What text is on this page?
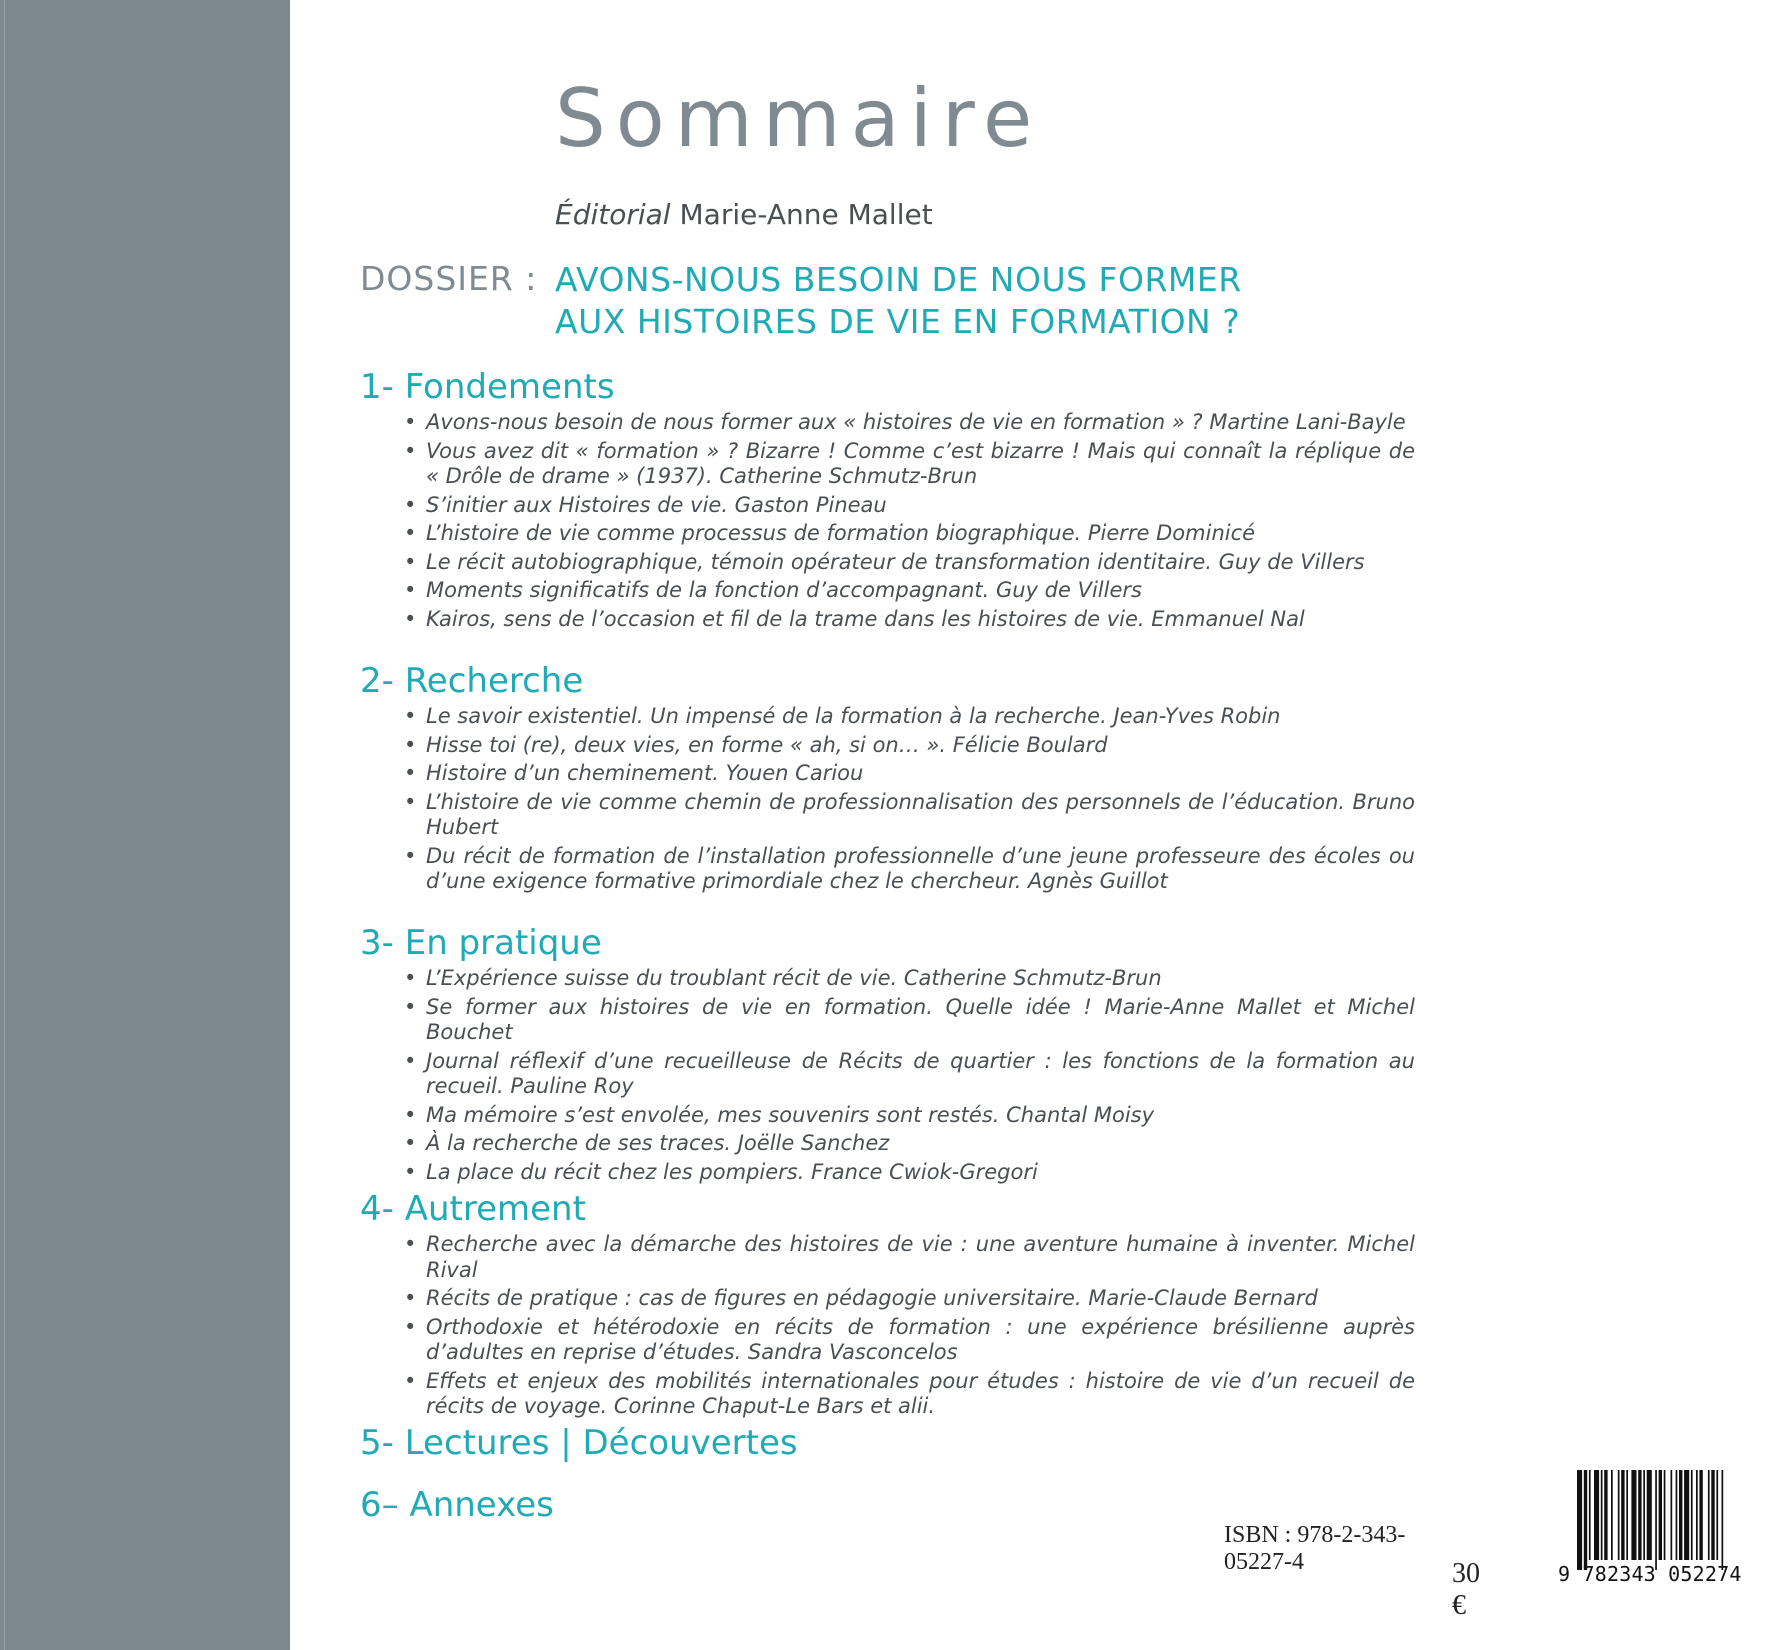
Sommaire
Éditorial Marie-Anne Mallet
DOSSIER : AVONS-NOUS BESOIN DE NOUS FORMER
AUX HISTOIRES DE VIE EN FORMATION ?
1- Fondements
• Avons-nous besoin de nous former aux « histoires de vie en formation » ? Martine Lani-Bayle
• Vous avez dit « formation » ? Bizarre ! Comme c’est bizarre ! Mais qui connaît la réplique de « Drôle de drame » (1937). Catherine Schmutz-Brun
• S’initier aux Histoires de vie. Gaston Pineau
• L’histoire de vie comme processus de formation biographique. Pierre Dominicé
• Le récit autobiographique, témoin opérateur de transformation identitaire. Guy de Villers
• Moments significatifs de la fonction d’accompagnant. Guy de Villers
• Kairos, sens de l’occasion et fil de la trame dans les histoires de vie. Emmanuel Nal
2- Recherche
• Le savoir existentiel. Un impensé de la formation à la recherche. Jean-Yves Robin
• Hisse toi (re), deux vies, en forme « ah, si on… ». Félicie Boulard
• Histoire d’un cheminement. Youen Cariou
• L’histoire de vie comme chemin de professionnalisation des personnels de l’éducation. Bruno Hubert
• Du récit de formation de l’installation professionnelle d’une jeune professeure des écoles ou d’une exigence formative primordiale chez le chercheur. Agnès Guillot
3- En pratique
• L’Expérience suisse du troublant récit de vie. Catherine Schmutz-Brun
• Se former aux histoires de vie en formation. Quelle idée ! Marie-Anne Mallet et Michel Bouchet
• Journal réflexif d’une recueilleuse de Récits de quartier : les fonctions de la formation au recueil. Pauline Roy
• Ma mémoire s’est envolée, mes souvenirs sont restés. Chantal Moisy
• À la recherche de ses traces. Joëlle Sanchez
• La place du récit chez les pompiers. France Cwiok-Gregori
4- Autrement
• Recherche avec la démarche des histoires de vie : une aventure humaine à inventer. Michel Rival
• Récits de pratique : cas de figures en pédagogie universitaire. Marie-Claude Bernard
• Orthodoxie et hétérodoxie en récits de formation : une expérience brésilienne auprès d’adultes en reprise d’études. Sandra Vasconcelos
• Effets et enjeux des mobilités internationales pour études : histoire de vie d’un recueil de récits de voyage. Corinne Chaput-Le Bars et alii.
5- Lectures | Découvertes
6– Annexes
ISBN : 978-2-343-05227-4	30 €
9 782343 052274
